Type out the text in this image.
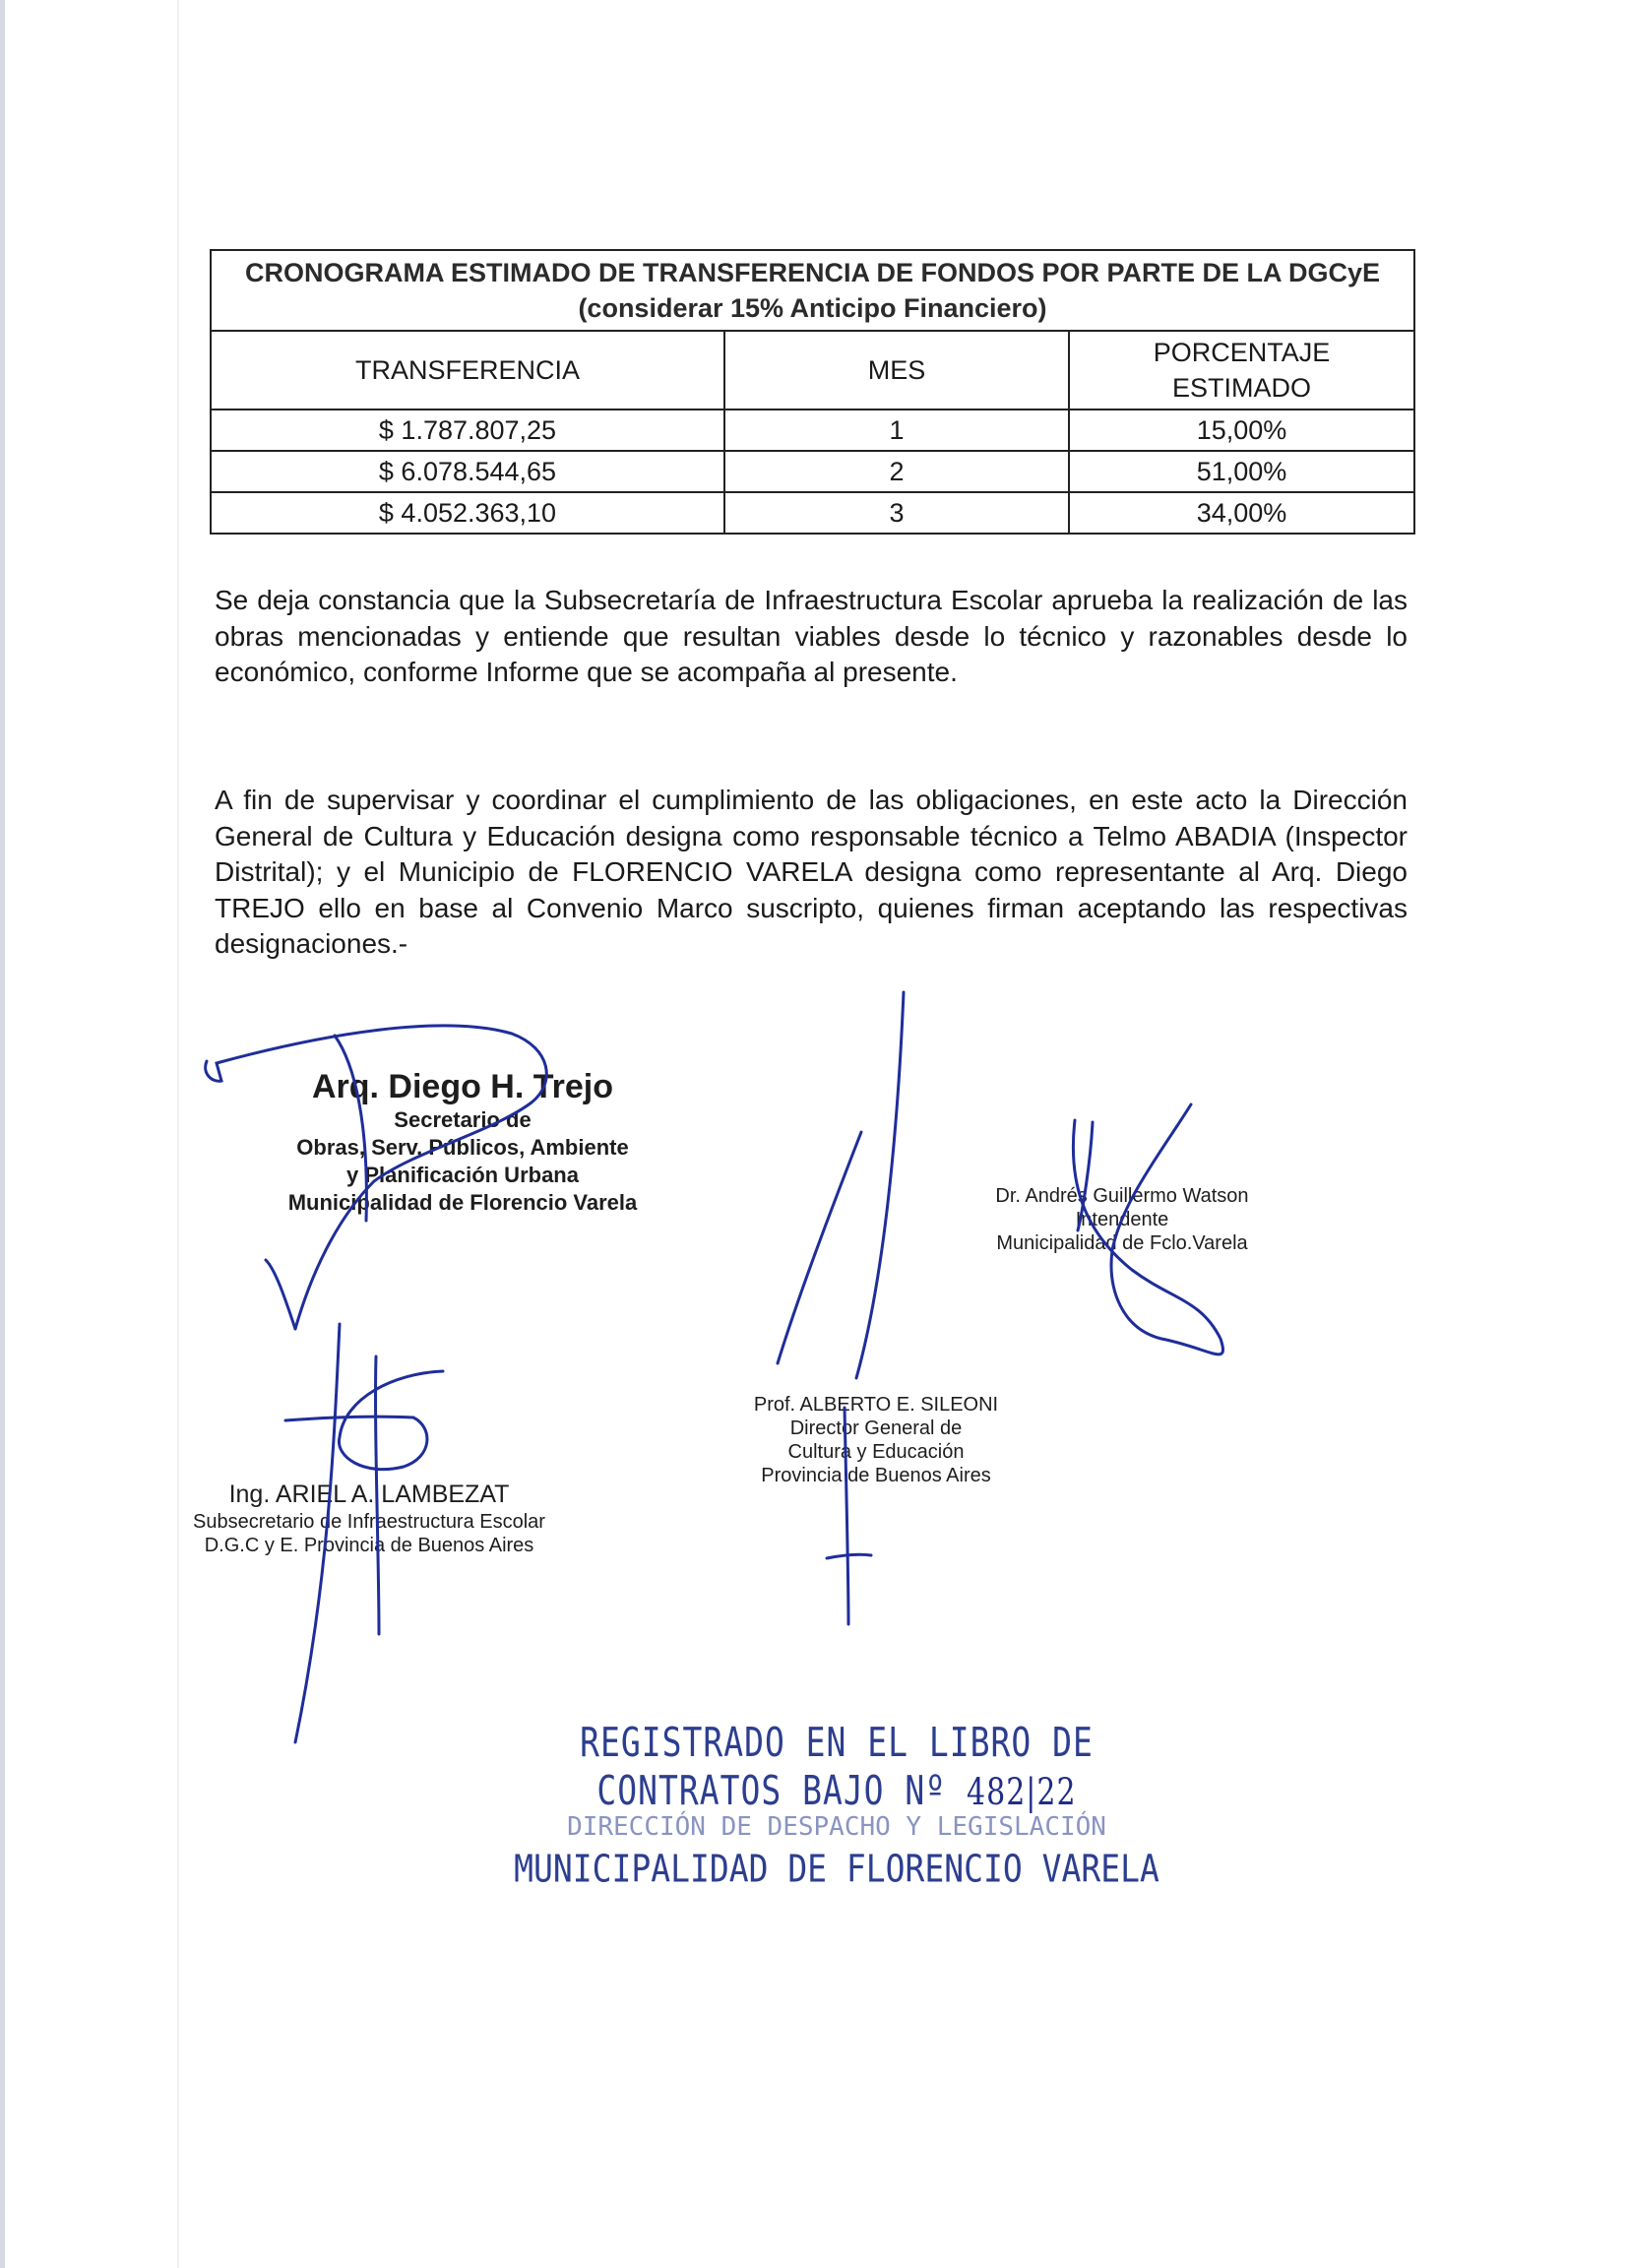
CRONOGRAMA ESTIMADO DE TRANSFERENCIA DE FONDOS POR PARTE DE LA DGCyE (considerar 15% Anticipo Financiero)		
TRANSFERENCIA	MES	PORCENTAJE ESTIMADO
$ 1.787.807,25	1	15,00%
$ 6.078.544,65	2	51,00%
$ 4.052.363,10	3	34,00%

Se deja constancia que la Subsecretaría de Infraestructura Escolar aprueba la realización de las obras mencionadas y entiende que resultan viables desde lo técnico y razonables desde lo económico, conforme Informe que se acompaña al presente.

A fin de supervisar y coordinar el cumplimiento de las obligaciones, en este acto la Dirección General de Cultura y Educación designa como responsable técnico a Telmo ABADIA (Inspector Distrital); y el Municipio de FLORENCIO VARELA designa como representante al Arq. Diego TREJO ello en base al Convenio Marco suscripto, quienes firman aceptando las respectivas designaciones.-

Arq. Diego H. Trejo
Secretario de
Obras, Serv. Públicos, Ambiente
y Planificación Urbana
Municipalidad de Florencio Varela	Dr. Andrés Guillermo Watson
Intendente
Municipalidad de Fclo.Varela
Prof. ALBERTO E. SILEONI
Director General de
Cultura y Educación
Provincia de Buenos Aires
Ing. ARIEL A. LAMBEZAT
Subsecretario de Infraestructura Escolar
D.G.C y E. Provincia de Buenos Aires
REGISTRADO EN EL LIBRO DE CONTRATOS BAJO Nº 482|22
DIRECCIÓN DE DESPACHO Y LEGISLACIÓN
MUNICIPALIDAD DE FLORENCIO VARELA
